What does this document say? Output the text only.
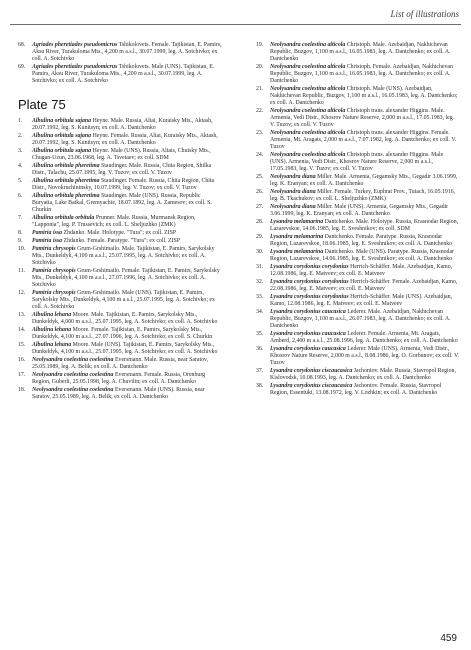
List of illustrations
68. Agriades pheretiades pseudomicrus Tshikolovets. Female. Tajikistan, E. Pamirs, Aksu River, Turakuloma Mts., 4,200 m a.s.l., 30.07.1999, leg. A. Sotchivko; ex coll. A. Sotchivko
69. Agriades pheretiades pseudomicrus Tshikolovets. Male (UNS). Tajikistan, E. Pamirs, Aksu River, Turakuloma Mts., 4,200 m a.s.l., 30.07.1999, leg. A. Sotchivko; ex coll. A. Sotchivko
Plate 75
1. Albulina orbitula sajana Heyne. Male. Russia, Altai, Kuraisky Mts., Aktash, 20.07.1992, leg. S. Kunitsyn; ex coll. A. Dantchenko
2. Albulina orbitula sajana Heyne. Female. Russia, Altai, Kuraisky Mts., Aktash, 20.07.1992, leg. S. Kunitsyn; ex coll. A. Dantchenko
3. Albulina orbitula sajana Heyne. Male (UNS). Russia, Altais, Chuisky Mts., Chugan-Uzun, 23.06.1968, leg. A. Tsvetaev; ex coll. SDM
4. Albulina orbitula pheretima Staudinger. Male. Russia, Chita Region, Shilka Distr., Talachu, 25.07.1995, leg. V. Tuzov; ex coll. V. Tuzov
5. Albulina orbitula pheretima Staudinger. Female. Russia, Chita Region, Chita Distr., Novokruchininsky, 10.07.1999, leg. V. Tuzov; ex coll. V. Tuzov
6. Albulina orbitula pheretima Staudinger. Male (UNS). Russia, Republic Buryatia, Lake Baikal, Gremyachie, 18.07.1892, leg. A. Zamesov; ex coll. S. Churkin
7. Albulina orbitula orbitula Prunner. Male. Russia, Murmansk Region, "Lapponia", leg. P. Trussevich; ex coll. L. Sheljuzhko (ZMK)
8. Pamiria issa Zhdanko. Male. Holotype. "Tura"; ex coll. ZISP
9. Pamiria issa Zhdanko. Female. Paratype. "Tura"; ex coll. ZISP
10. Pamiria chrysopis Grum-Grshimailo. Male. Tajikistan, E. Pamirs, Sarykolsky Mts., Dunkeldyk, 4,100 m a.s.l., 25.07.1995, leg. A. Sotchivko; ex coll. A. Sotchivko
11. Pamiria chrysopis Grum-Grshimailo. Female. Tajikistan, E. Pamirs, Sarykolsky Mts., Dunkeldyk, 4,100 m a.s.l., 27.07.1996, leg. A. Sotchivko; ex coll. A. Sotchivko
12. Pamiria chrysopis Grum-Grshimailo. Male (UNS). Tajikistan, E. Pamirs, Sarykolsky Mts., Dunkeldyk, 4,100 m a.s.l., 25.07.1995, leg. A. Sotchivko; ex coll. A. Sotchivko
13. Albulina lehana Moore. Male. Tajikistan, E. Pamirs, Sarykolsky Mts., Dunkeldyk, 4,000 m a.s.l., 25.07.1995, leg. A. Sotchivko; ex coll. A. Sotchivko
14. Albulina lehana Moore. Female. Tajikistan, E. Pamirs, Sarykolsky Mts., Dunkeldyk, 4,100 m a.s.l., 27.07.1996, leg. A. Sotchivko; ex coll. S. Churkin
15. Albulina lehana Moore. Male (UNS). Tajikistan, E. Pamirs, Sarykolsky Mts., Dunkeldyk, 4,100 m a.s.l., 25.07.1995, leg. A. Sotchivko; ex coll. A. Sotchivko
16. Neolysandra coelestina coelestina Eversmann. Male. Russia, near Saratov, 25.05.1989, leg. A. Belik; ex coll. A. Dantchenko
17. Neolysandra coelestina coelestina Eversmann. Female. Russia, Orenburg Region, Guberli, 25.05.1998, leg. A. Chuvilin; ex coll. A. Dantchenko
18. Neolysandra coelestina coelestina Eversmann. Male (UNS). Russia, near Saratov, 25.05.1989, leg. A. Belik; ex coll. A. Dantchenko
19. Neolysandra coelestina alticola Christoph. Male. Azebaidjan, Nakhichevan Republic, Buzgov, 1,100 m a.s.l., 16.05.1983, leg. A. Dantchenko; ex coll. A. Dantchenko
20. Neolysandra coelestina alticola Christoph. Female. Azebaidjan, Nakhichevan Republic, Buzgov, 1,100 m a.s.l., 16.05.1983, leg. A. Dantchenko; ex coll. A. Dantchenko
21. Neolysandra coelestina alticola Christoph. Male (UNS). Azebaidjan, Nakhichevan Republic, Buzgov, 1,100 m a.s.l., 16.05.1983, leg. A. Dantchenko; ex coll. A. Dantchenko
22. Neolysandra coelestina alticola Christoph trans. alexander Higgins. Male. Armenia, Vedi Distr., Khosrov Nature Reserve, 2,000 m a.s.l., 17.05.1983, leg. V. Tuzov; ex coll. V. Tuzov
23. Neolysandra coelestina alticola Christoph trans. alexander Higgins. Female. Armenia, Mt. Aragats, 2,000 m a.s.l., 7.07.1982, leg. A. Dantchenko; ex coll. V. Tuzov
24. Neolysandra coelestina alticola Christoph trans. alexander Higgins. Male (UNS). Armenia, Vedi Distr., Khosrov Nature Reserve, 2,000 m a.s.l., 17.05.1983, leg. V. Tuzov; ex coll. V. Tuzov
25. Neolysandra diana Miller. Male. Armenia, Gegamsky Mts., Gegadir 3.06.1999, leg. K. Eranyan; ex coll. A. Dantchenko
26. Neolysandra diana Miller. Female. Turkey, Euphrat Prov., Tutach, 16.05.1916, leg. B. Tkachukov; ex coll. L. Sheljuzhko (ZMK)
27. Neolysandra diana Miller. Male (UNS). Armenia, Gegamsky Mts., Gegadir 3.06.1999, leg. K. Eranyan; ex coll. A. Dantchenko
28. Lysandra melamarina Dantchenko. Male. Holotype. Russia, Krasnodar Region, Lazarevskoe, 14.06.1985, leg. E. Sveshnikov; ex coll. SDM
29. Lysandra melamarina Dantchenko. Female. Paratype. Russia, Krasnodar Region, Lazarevskoe, 18.06.1985, leg. E. Sveshnikov; ex coll. A. Dantchenko
30. Lysandra melamarina Dantchenko. Male (UNS). Paratype. Russia, Krasnodar Region, Lazarevskoe, 14.06.1985, leg. E. Sveshnikov; ex coll. A. Dantchenko
31. Lysandra corydonius corydonius Herrich-Schäffer. Male. Azebaidjan, Kamo, 12.08.1986, leg. E. Matveev; ex coll. E. Matveev
32. Lysandra corydonius corydonius Herrich-Schäffer. Female. Azebaidjan, Kamo, 22.08.1986, leg. E. Matveev; ex coll. E. Matveev
33. Lysandra corydonius corydonius Herrich-Schäffer. Male (UNS). Azebaidjan, Kamo, 12.08.1986, leg. E. Matveev; ex coll. E. Matveev
34. Lysandra corydonius caucasica Lederer. Male. Azebaidjan, Nakhichevan Republic, Buzgov, 1,100 m a.s.l., 26.07.1983, leg. A. Dantchenko; ex coll. A. Dantchenko
35. Lysandra corydonius caucasica Lederer. Female. Armenia, Mt. Aragats, Amberd, 2,400 m a.s.l., 25.08.1996, leg. A. Dantchenko; ex coll. A. Dantchenko
36. Lysandra corydonius caucasica Lederer. Male (UNS). Armenia, Vedi Distr., Khosrov Nature Reserve, 2,000 m a.s.l., 8.08.1986, leg. O. Gorbunov; ex coll. V. Tuzov
37. Lysandra corydonius ciscaucasica Jachontov. Male. Russia, Stavropol Region, Kislovodsk, 10.08.1993, leg. A. Dantchenko; ex coll. A. Dantchenko
38. Lysandra corydonius ciscaucasica Jachontov. Female. Russia, Stavropol Region, Essentuki, 13.08.1972, leg. V. Lozhkin; ex coll. A. Dantchenko
459
